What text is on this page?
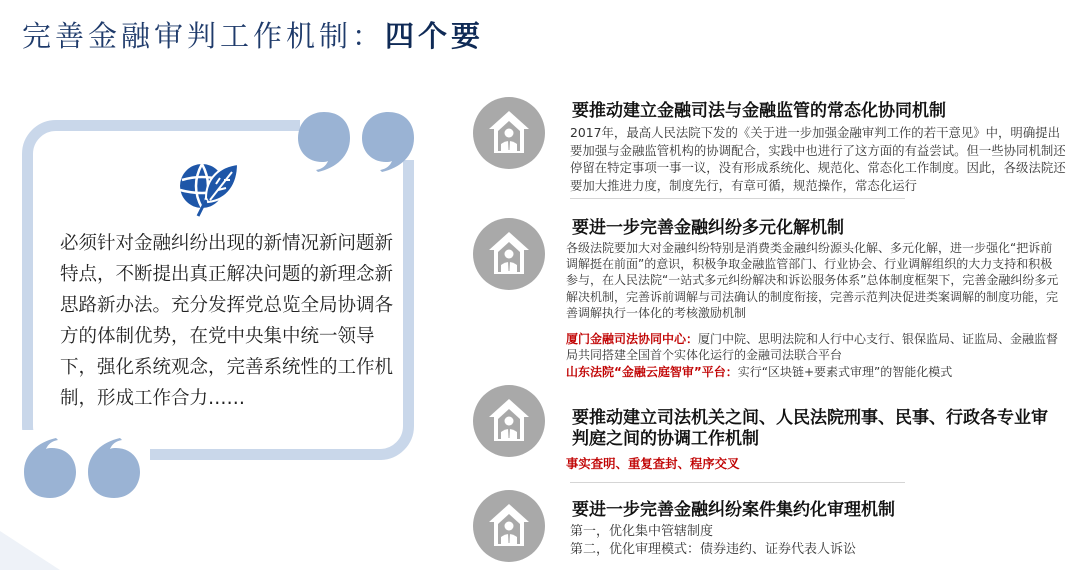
完善金融审判工作机制：四个要
必须针对金融纠纷出现的新情况新问题新特点，不断提出真正解决问题的新理念新思路新办法。充分发挥党总览全局协调各方的体制优势，在党中央集中统一领导下，强化系统观念，完善系统性的工作机制，形成工作合力……
要推动建立金融司法与金融监管的常态化协同机制
2017年，最高人民法院下发的《关于进一步加强金融审判工作的若干意见》中，明确提出要加强与金融监管机构的协调配合，实践中也进行了这方面的有益尝试。但一些协同机制还停留在特定事项一事一议，没有形成系统化、规范化、常态化工作制度。因此，各级法院还要加大推进力度，制度先行，有章可循，规范操作，常态化运行
要进一步完善金融纠纷多元化解机制
各级法院要加大对金融纠纷特别是消费类金融纠纷源头化解、多元化解，进一步强化“把诉前调解挺在前面”的意识，积极争取金融监管部门、行业协会、行业调解组织的大力支持和积极参与，在人民法院“一站式多元纠纷解决和诉讼服务体系”总体制度框架下，完善金融纠纷多元解决机制，完善诉前调解与司法确认的制度衔接，完善示范判决促进类案调解的制度功能，完善调解执行一体化的考核激励机制
厦门金融司法协同中心：厦门中院、思明法院和人行中心支行、银保监局、证监局、金融监督局共同搭建全国首个实体化运行的金融司法联合平台
山东法院“金融云庭智审”平台：实行“区块链+要素式审理”的智能化模式
要推动建立司法机关之间、人民法院刑事、民事、行政各专业审
判庭之间的协调工作机制
事实查明、重复查封、程序交叉
要进一步完善金融纠纷案件集约化审理机制
第一，优化集中管辖制度
第二，优化审理模式：债券违约、证券代表人诉讼
